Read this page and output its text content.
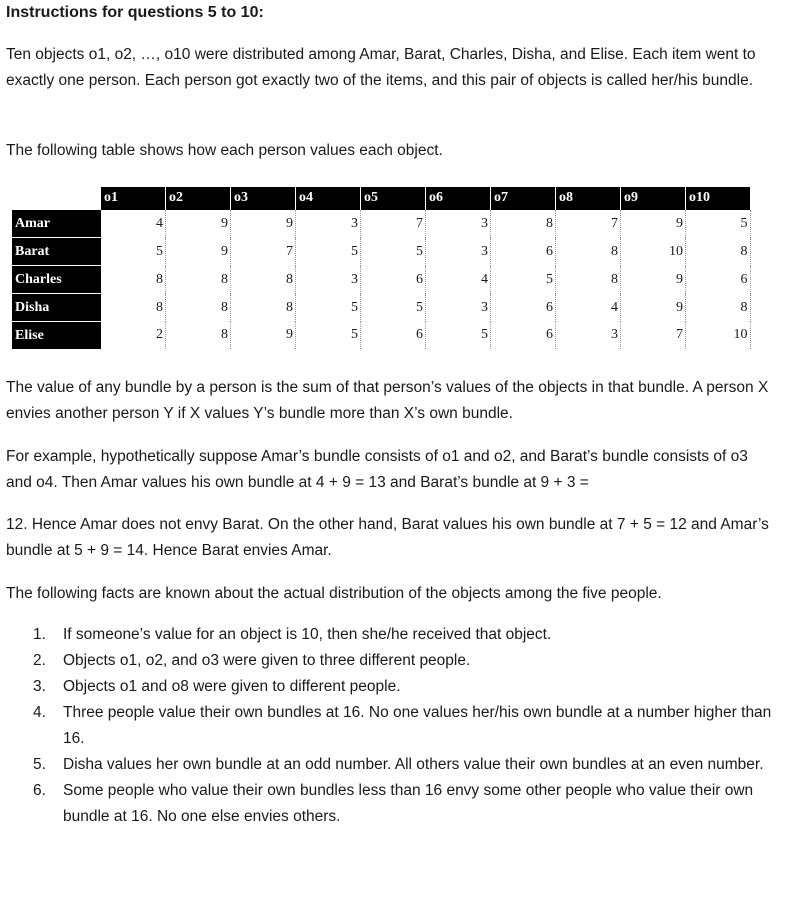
Instructions for questions 5 to 10:

Ten objects o1, o2, …, o10 were distributed among Amar, Barat, Charles, Disha, and Elise. Each item went to exactly one person. Each person got exactly two of the items, and this pair of objects is called her/his bundle.

The following table shows how each person values each object.

	o1	o2	o3	o4	o5	o6	o7	o8	o9	o10
Amar	4	9	9	3	7	3	8	7	9	5
Barat	5	9	7	5	5	3	6	8	10	8
Charles	8	8	8	3	6	4	5	8	9	6
Disha	8	8	8	5	5	3	6	4	9	8
Elise	2	8	9	5	6	5	6	3	7	10

The value of any bundle by a person is the sum of that person’s values of the objects in that bundle. A person X envies another person Y if X values Y’s bundle more than X’s own bundle.

For example, hypothetically suppose Amar’s bundle consists of o1 and o2, and Barat’s bundle consists of o3 and o4. Then Amar values his own bundle at 4 + 9 = 13 and Barat’s bundle at 9 + 3 =

12. Hence Amar does not envy Barat. On the other hand, Barat values his own bundle at 7 + 5 = 12 and Amar’s bundle at 5 + 9 = 14. Hence Barat envies Amar.

The following facts are known about the actual distribution of the objects among the five people.

1. If someone’s value for an object is 10, then she/he received that object.
2. Objects o1, o2, and o3 were given to three different people.
3. Objects o1 and o8 were given to different people.
4. Three people value their own bundles at 16. No one values her/his own bundle at a number higher than 16.
5. Disha values her own bundle at an odd number. All others value their own bundles at an even number.
6. Some people who value their own bundles less than 16 envy some other people who value their own bundle at 16. No one else envies others.
